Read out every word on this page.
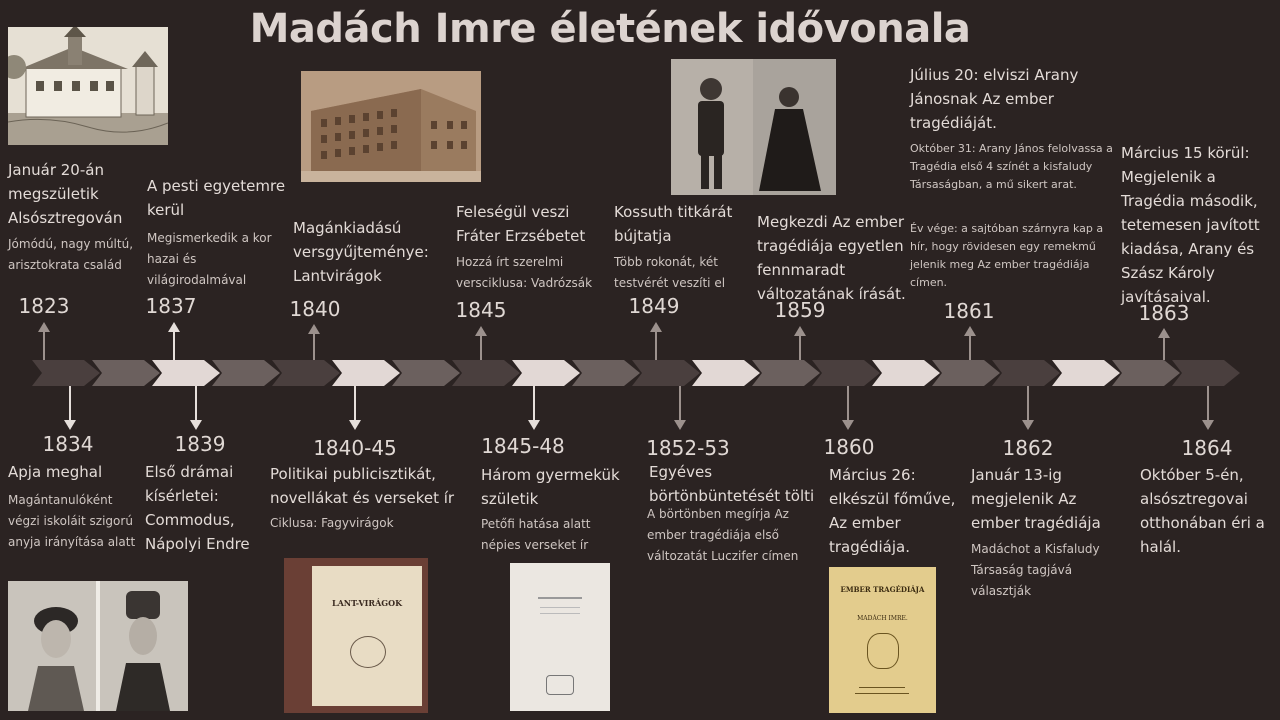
Madách Imre életének idővonala
LANT-VIRÁGOK
EMBER TRAGÉDIÁJA
MADÁCH IMRE.
Január 20-án megszületik Alsósztregován
Jómódú, nagy múltú, arisztokrata család
1823
A pesti egyetemre kerül
Megismerkedik a kor hazai és világirodalmával
1837
Magánkiadású versgyűjteménye: Lantvirágok
1840
Feleségül veszi Fráter Erzsébetet
Hozzá írt szerelmi versciklusa: Vadrózsák
1845
Kossuth titkárát bújtatja
Több rokonát, két testvérét veszíti el
1849
Megkezdi Az ember tragédiája egyetlen fennmaradt változatának írását.
1859
Július 20: elviszi Arany Jánosnak Az ember tragédiáját.
Október 31: Arany János felolvassa a Tragédia első 4 színét a kisfaludy Társaságban, a mű sikert arat.
Év vége: a sajtóban szárnyra kap a hír, hogy rövidesen egy remekmű jelenik meg Az ember tragédiája címen.
1861
Március 15 körül: Megjelenik a Tragédia második, tetemesen javított kiadása, Arany és Szász Károly javításaival.
1863
1834
Apja meghal
Magántanulóként végzi iskoláit szigorú anyja irányítása alatt
1839
Első drámai kísérletei: Commodus, Nápolyi Endre
1840-45
Politikai publicisztikát, novellákat és verseket ír
Ciklusa: Fagyvirágok
1845-48
Három gyermekük születik
Petőfi hatása alatt népies verseket ír
1852-53
Egyéves börtönbüntetését tölti
A börtönben megírja Az ember tragédiája első változatát Luczifer címen
1860
Március 26: elkészül főműve, Az ember tragédiája.
1862
Január 13-ig megjelenik Az ember tragédiája
Madáchot a Kisfaludy Társaság tagjává választják
1864
Október 5-én, alsósztregovai otthonában éri a halál.
